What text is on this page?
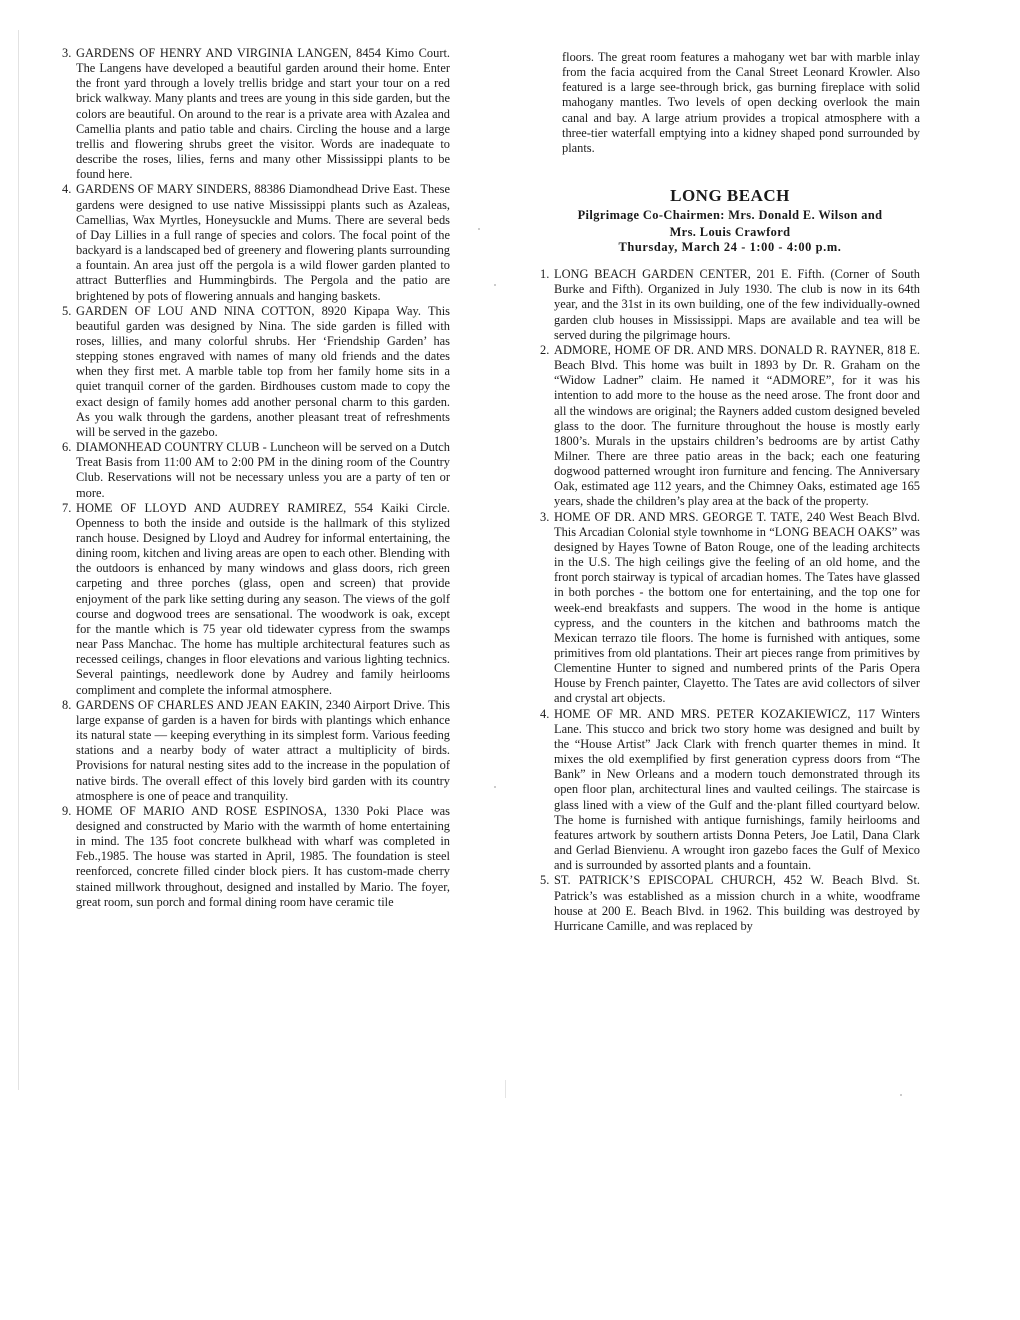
3. GARDENS OF HENRY AND VIRGINIA LANGEN, 8454 Kimo Court. The Langens have developed a beautiful garden around their home. Enter the front yard through a lovely trellis bridge and start your tour on a red brick walkway. Many plants and trees are young in this side garden, but the colors are beautiful. On around to the rear is a private area with Azalea and Camellia plants and patio table and chairs. Circling the house and a large trellis and flowering shrubs greet the visitor. Words are inadequate to describe the roses, lilies, ferns and many other Mississippi plants to be found here.

4. GARDENS OF MARY SINDERS, 88386 Diamondhead Drive East. These gardens were designed to use native Mississippi plants such as Azaleas, Camellias, Wax Myrtles, Honeysuckle and Mums. There are several beds of Day Lillies in a full range of species and colors. The focal point of the backyard is a landscaped bed of greenery and flowering plants surrounding a fountain. An area just off the pergola is a wild flower garden planted to attract Butterflies and Hummingbirds. The Pergola and the patio are brightened by pots of flowering annuals and hanging baskets.

5. GARDEN OF LOU AND NINA COTTON, 8920 Kipapa Way. This beautiful garden was designed by Nina. The side garden is filled with roses, lillies, and many colorful shrubs. Her ‘Friendship Garden’ has stepping stones engraved with names of many old friends and the dates when they first met. A marble table top from her family home sits in a quiet tranquil corner of the garden. Birdhouses custom made to copy the exact design of family homes add another personal charm to this garden. As you walk through the gardens, another pleasant treat of refreshments will be served in the gazebo.

6. DIAMONHEAD COUNTRY CLUB - Luncheon will be served on a Dutch Treat Basis from 11:00 AM to 2:00 PM in the dining room of the Country Club. Reservations will not be necessary unless you are a party of ten or more.

7. HOME OF LLOYD AND AUDREY RAMIREZ, 554 Kaiki Circle. Openness to both the inside and outside is the hallmark of this stylized ranch house. Designed by Lloyd and Audrey for informal entertaining, the dining room, kitchen and living areas are open to each other. Blending with the outdoors is enhanced by many windows and glass doors, rich green carpeting and three porches (glass, open and screen) that provide enjoyment of the park like setting during any season. The views of the golf course and dogwood trees are sensational. The woodwork is oak, except for the mantle which is 75 year old tidewater cypress from the swamps near Pass Manchac. The home has multiple architectural features such as recessed ceilings, changes in floor elevations and various lighting technics. Several paintings, needlework done by Audrey and family heirlooms compliment and complete the informal atmosphere.

8. GARDENS OF CHARLES AND JEAN EAKIN, 2340 Airport Drive. This large expanse of garden is a haven for birds with plantings which enhance its natural state — keeping everything in its simplest form. Various feeding stations and a nearby body of water attract a multiplicity of birds. Provisions for natural nesting sites add to the increase in the population of native birds. The overall effect of this lovely bird garden with its country atmosphere is one of peace and tranquility.

9. HOME OF MARIO AND ROSE ESPINOSA, 1330 Poki Place was designed and constructed by Mario with the warmth of home entertaining in mind. The 135 foot concrete bulkhead with wharf was completed in Feb.,1985. The house was started in April, 1985. The foundation is steel reenforced, concrete filled cinder block piers. It has custom-made cherry stained millwork throughout, designed and installed by Mario. The foyer, great room, sun porch and formal dining room have ceramic tile

floors. The great room features a mahogany wet bar with marble inlay from the facia acquired from the Canal Street Leonard Krowler. Also featured is a large see-through brick, gas burning fireplace with solid mahogany mantles. Two levels of open decking overlook the main canal and bay. A large atrium provides a tropical atmosphere with a three-tier waterfall emptying into a kidney shaped pond surrounded by plants.

LONG BEACH
Pilgrimage Co-Chairmen: Mrs. Donald E. Wilson and
Mrs. Louis Crawford
Thursday, March 24 - 1:00 - 4:00 p.m.

1. LONG BEACH GARDEN CENTER, 201 E. Fifth. (Corner of South Burke and Fifth). Organized in July 1930. The club is now in its 64th year, and the 31st in its own building, one of the few individually-owned garden club houses in Mississippi. Maps are available and tea will be served during the pilgrimage hours.

2. ADMORE, HOME OF DR. AND MRS. DONALD R. RAYNER, 818 E. Beach Blvd. This home was built in 1893 by Dr. R. Graham on the “Widow Ladner” claim. He named it “ADMORE”, for it was his intention to add more to the house as the need arose. The front door and all the windows are original; the Rayners added custom designed beveled glass to the door. The furniture throughout the house is mostly early 1800’s. Murals in the upstairs children’s bedrooms are by artist Cathy Milner. There are three patio areas in the back; each one featuring dogwood patterned wrought iron furniture and fencing. The Anniversary Oak, estimated age 112 years, and the Chimney Oaks, estimated age 165 years, shade the children’s play area at the back of the property.

3. HOME OF DR. AND MRS. GEORGE T. TATE, 240 West Beach Blvd. This Arcadian Colonial style townhome in “LONG BEACH OAKS” was designed by Hayes Towne of Baton Rouge, one of the leading architects in the U.S. The high ceilings give the feeling of an old home, and the front porch stairway is typical of arcadian homes. The Tates have glassed in both porches - the bottom one for entertaining, and the top one for week-end breakfasts and suppers. The wood in the home is antique cypress, and the counters in the kitchen and bathrooms match the Mexican terrazo tile floors. The home is furnished with antiques, some primitives from old plantations. Their art pieces range from primitives by Clementine Hunter to signed and numbered prints of the Paris Opera House by French painter, Clayetto. The Tates are avid collectors of silver and crystal art objects.

4. HOME OF MR. AND MRS. PETER KOZAKIEWICZ, 117 Winters Lane. This stucco and brick two story home was designed and built by the “House Artist” Jack Clark with french quarter themes in mind. It mixes the old exemplified by first generation cypress doors from “The Bank” in New Orleans and a modern touch demonstrated through its open floor plan, architectural lines and vaulted ceilings. The staircase is glass lined with a view of the Gulf and the·plant filled courtyard below. The home is furnished with antique furnishings, family heirlooms and features artwork by southern artists Donna Peters, Joe Latil, Dana Clark and Gerlad Bienvienu. A wrought iron gazebo faces the Gulf of Mexico and is surrounded by assorted plants and a fountain.

5. ST. PATRICK’S EPISCOPAL CHURCH, 452 W. Beach Blvd. St. Patrick’s was established as a mission church in a white, woodframe house at 200 E. Beach Blvd. in 1962. This building was destroyed by Hurricane Camille, and was replaced by
